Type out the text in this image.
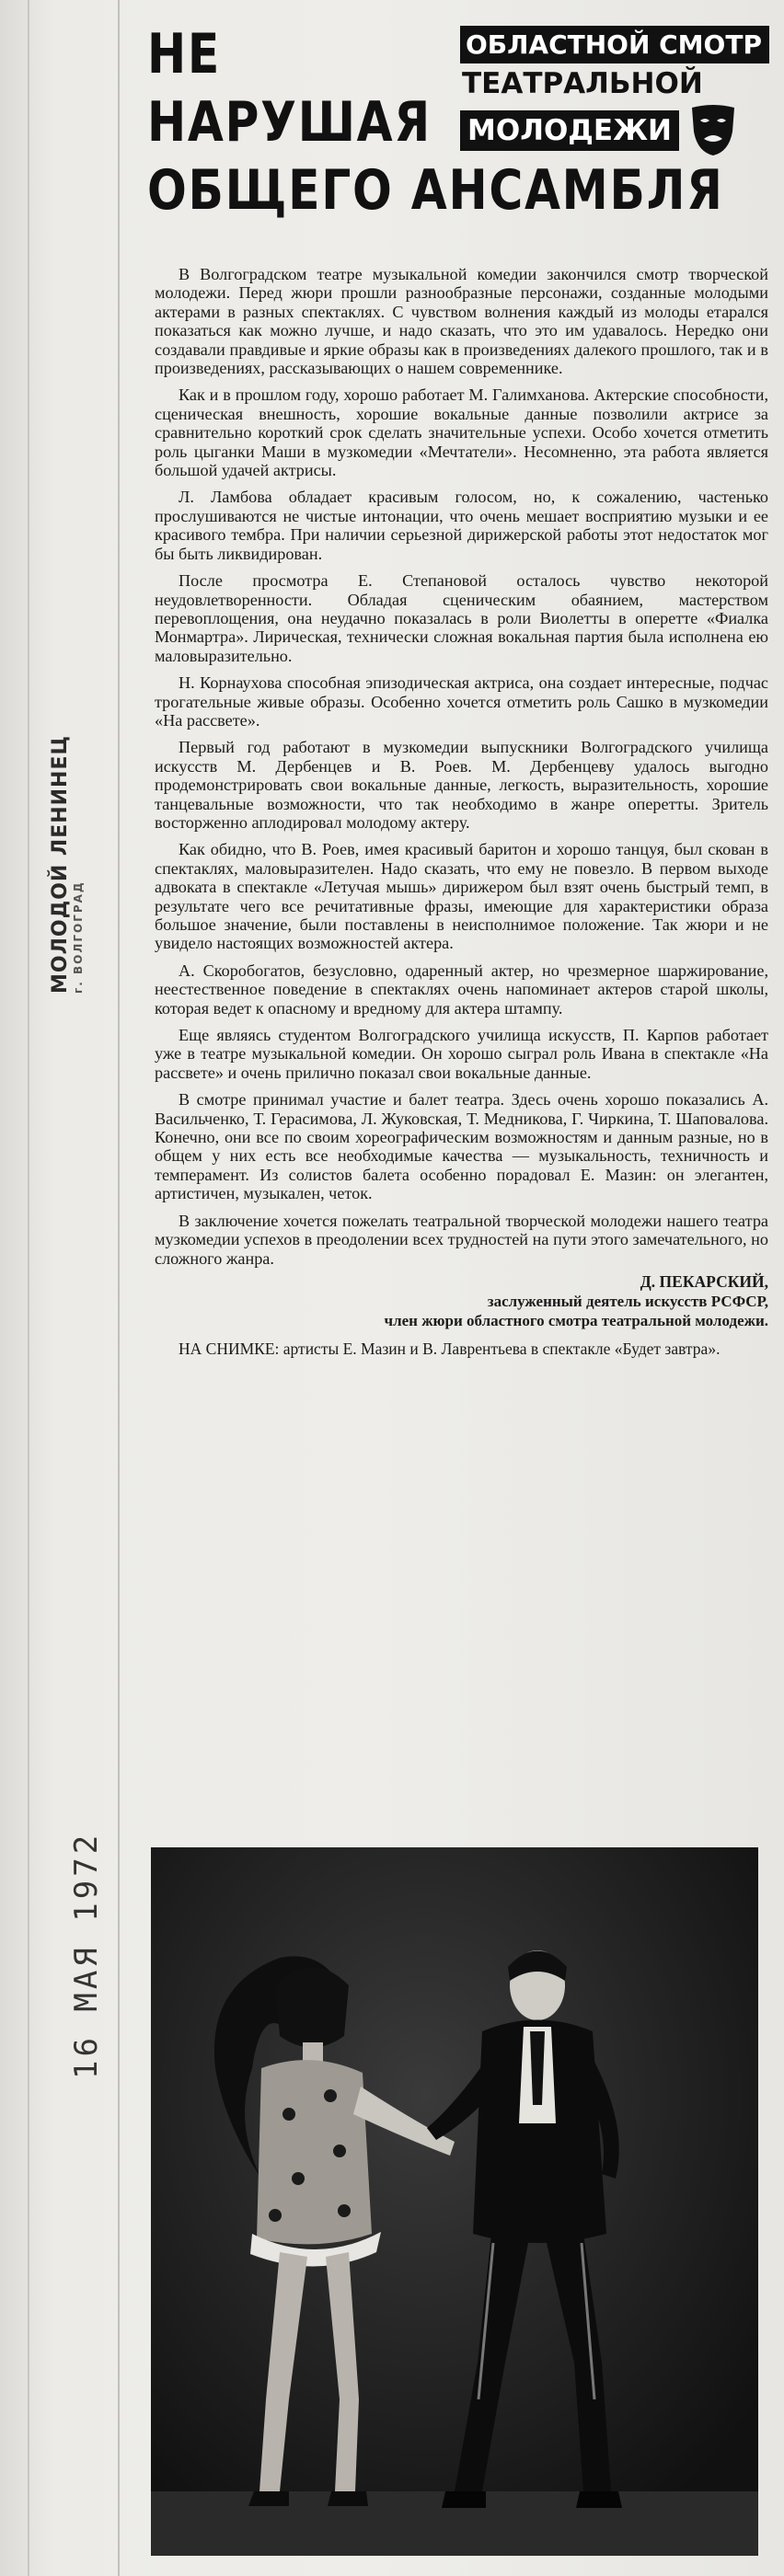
МОЛОДОЙ ЛЕНИНЕЦ г. ВОЛГОГРАД
16 МАЯ 1972
НЕ
НАРУШАЯ
ОБЩЕГО АНСАМБЛЯ
ОБЛАСТНОЙ СМОТР
ТЕАТРАЛЬНОЙ
МОЛОДЕЖИ

В Волгоградском театре музыкальной комедии закончился смотр творческой молодежи. Перед жюри прошли разнообразные персонажи, созданные молодыми актерами в разных спектаклях. С чувством волнения каждый из молоды етарался показаться как можно лучше, и надо сказать, что это им удавалось. Нередко они создавали правдивые и яркие образы как в произведениях далекого прошлого, так и в произведениях, рассказывающих о нашем современнике.

Как и в прошлом году, хорошо работает М. Галимханова. Актерские способности, сценическая внешность, хорошие вокальные данные позволили актрисе за сравнительно короткий срок сделать значительные успехи. Особо хочется отметить роль цыганки Маши в музкомедии «Мечтатели». Несомненно, эта работа является большой удачей актрисы.

Л. Ламбова обладает красивым голосом, но, к сожалению, частенько прослушиваются не чистые интонации, что очень мешает восприятию музыки и ее красивого тембра. При наличии серьезной дирижерской работы этот недостаток мог бы быть ликвидирован.

После просмотра Е. Степановой осталось чувство некоторой неудовлетворенности. Обладая сценическим обаянием, мастерством перевоплощения, она неудачно показалась в роли Виолетты в оперетте «Фиалка Монмартра». Лирическая, технически сложная вокальная партия была исполнена ею маловыразительно.

Н. Корнаухова способная эпизодическая актриса, она создает интересные, подчас трогательные живые образы. Особенно хочется отметить роль Сашко в музкомедии «На рассвете».

Первый год работают в музкомедии выпускники Волгоградского училища искусств М. Дербенцев и В. Роев. М. Дербенцеву удалось выгодно продемонстрировать свои вокальные данные, легкость, выразительность, хорошие танцевальные возможности, что так необходимо в жанре оперетты. Зритель восторженно аплодировал молодому актеру.

Как обидно, что В. Роев, имея красивый баритон и хорошо танцуя, был скован в спектаклях, маловыразителен. Надо сказать, что ему не повезло. В первом выходе адвоката в спектакле «Летучая мышь» дирижером был взят очень быстрый темп, в результате чего все речитативные фразы, имеющие для характеристики образа большое значение, были поставлены в неисполнимое положение. Так жюри и не увидело настоящих возможностей актера.

А. Скоробогатов, безусловно, одаренный актер, но чрезмерное шаржирование, неестественное поведение в спектаклях очень напоминает актеров старой школы, которая ведет к опасному и вредному для актера штампу.

Еще являясь студентом Волгоградского училища искусств, П. Карпов работает уже в театре музыкальной комедии. Он хорошо сыграл роль Ивана в спектакле «На рассвете» и очень прилично показал свои вокальные данные.

В смотре принимал участие и балет театра. Здесь очень хорошо показались А. Васильченко, Т. Герасимова, Л. Жуковская, Т. Медникова, Г. Чиркина, Т. Шаповалова. Конечно, они все по своим хореографическим возможностям и данным разные, но в общем у них есть все необходимые качества — музыкальность, техничность и темперамент. Из солистов балета особенно порадовал Е. Мазин: он элегантен, артистичен, музыкален, четок.

В заключение хочется пожелать театральной творческой молодежи нашего театра музкомедии успехов в преодолении всех трудностей на пути этого замечательного, но сложного жанра.

Д. ПЕКАРСКИЙ,
заслуженный деятель искусств РСФСР,
член жюри областного смотра театральной молодежи.

НА СНИМКЕ: артисты Е. Мазин и В. Лаврентьева в спектакле «Будет завтра».
